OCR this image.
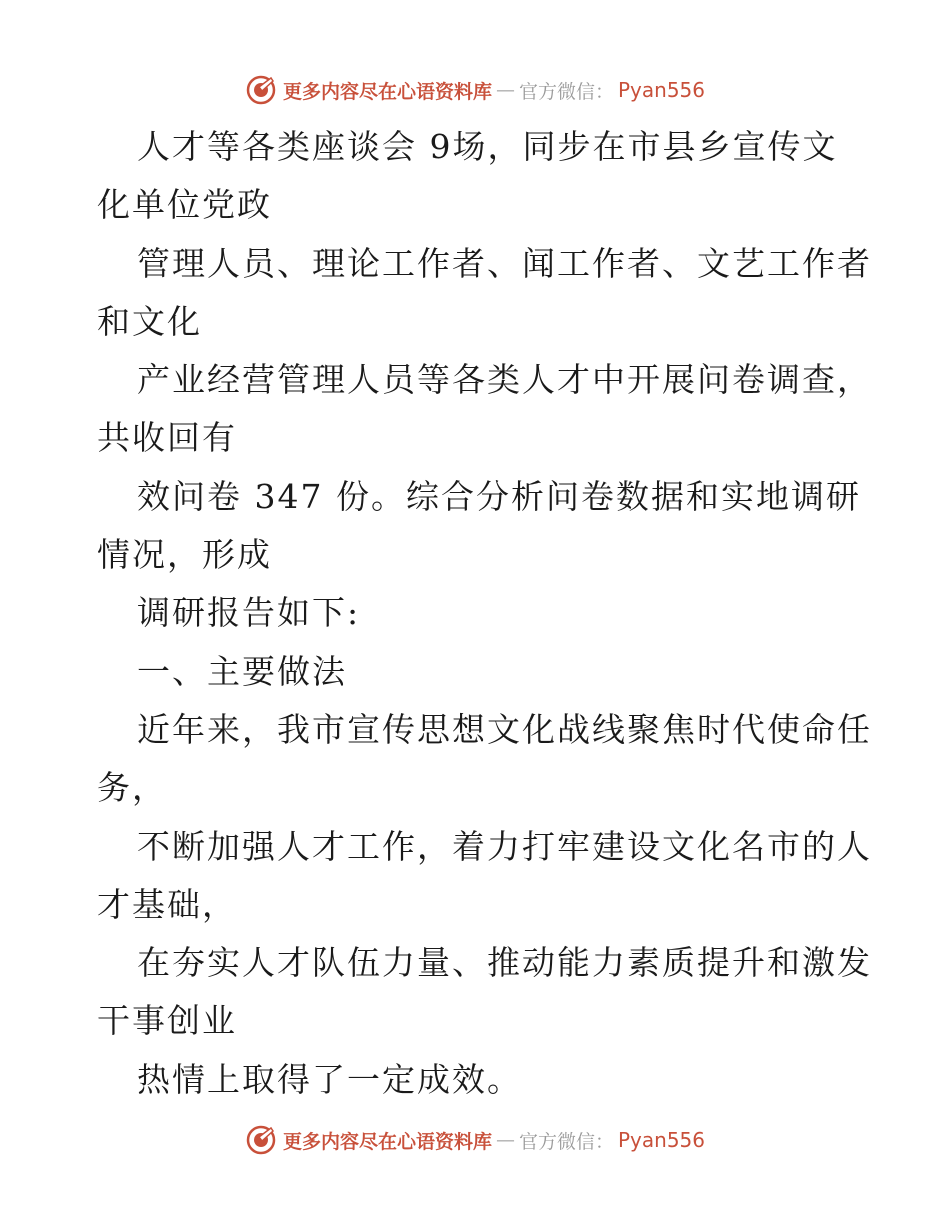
更多内容尽在心语资料库 — 官方微信： Pyan556
人才等各类座谈会 9场，同步在市县乡宣传文
化单位党政
管理人员、理论工作者、闻工作者、文艺工作者
和文化
产业经营管理人员等各类人才中开展问卷调查，
共收回有
效问卷 347 份。综合分析问卷数据和实地调研
情况，形成
调研报告如下:
一、主要做法
近年来，我市宣传思想文化战线聚焦时代使命任
务，
不断加强人才工作，着力打牢建设文化名市的人
才基础，
在夯实人才队伍力量、推动能力素质提升和激发
干事创业
热情上取得了一定成效。
更多内容尽在心语资料库 — 官方微信： Pyan556
